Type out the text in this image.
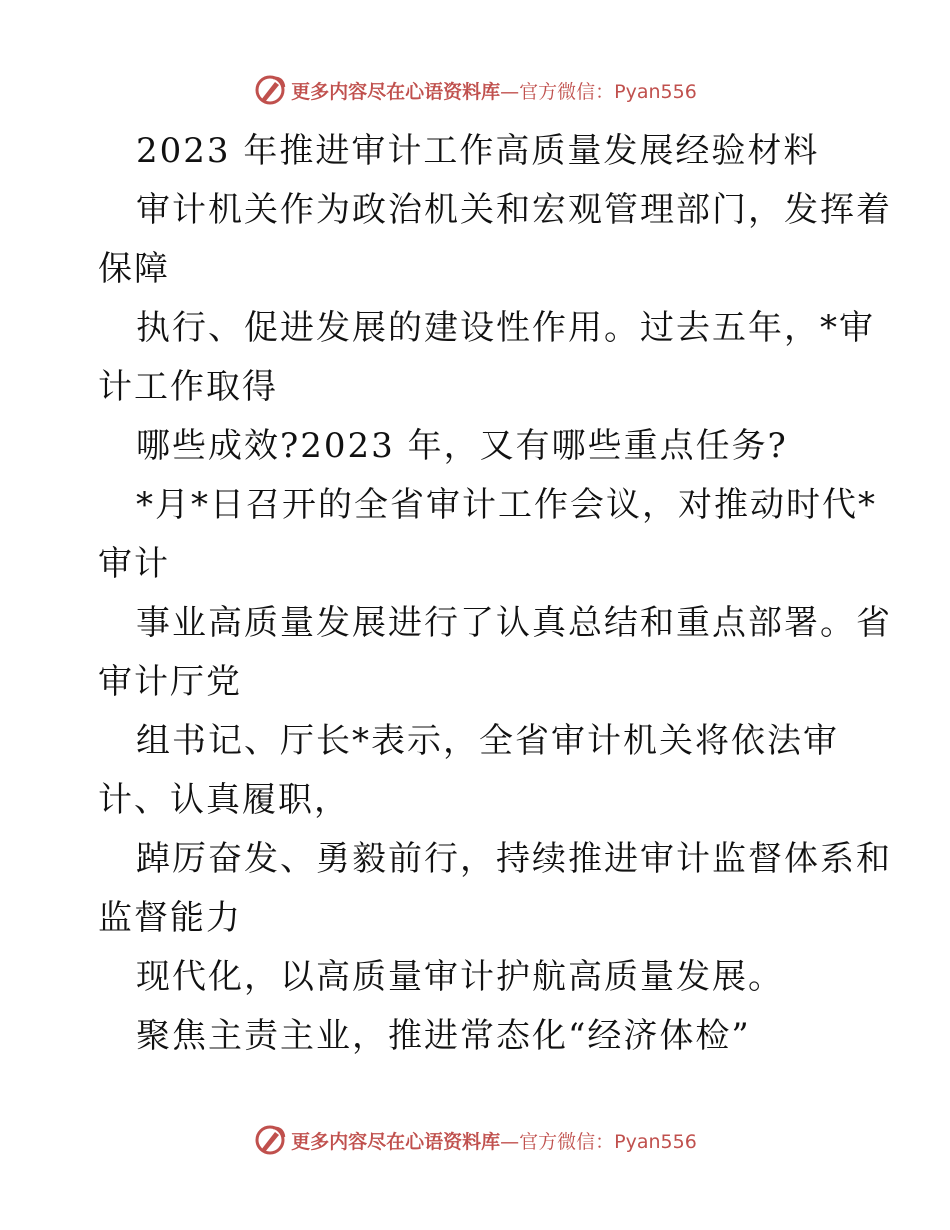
更多内容尽在心语资料库 —官方微信：Pyan556
2023 年推进审计工作高质量发展经验材料
审计机关作为政治机关和宏观管理部门，发挥着
保障
执行、促进发展的建设性作用。过去五年，*审
计工作取得
哪些成效?2023 年，又有哪些重点任务?
*月*日召开的全省审计工作会议，对推动时代*
审计
事业高质量发展进行了认真总结和重点部署。省
审计厅党
组书记、厅长*表示，全省审计机关将依法审
计、认真履职，
踔厉奋发、勇毅前行，持续推进审计监督体系和
监督能力
现代化，以高质量审计护航高质量发展。
聚焦主责主业，推进常态化“经济体检”
更多内容尽在心语资料库 —官方微信：Pyan556
